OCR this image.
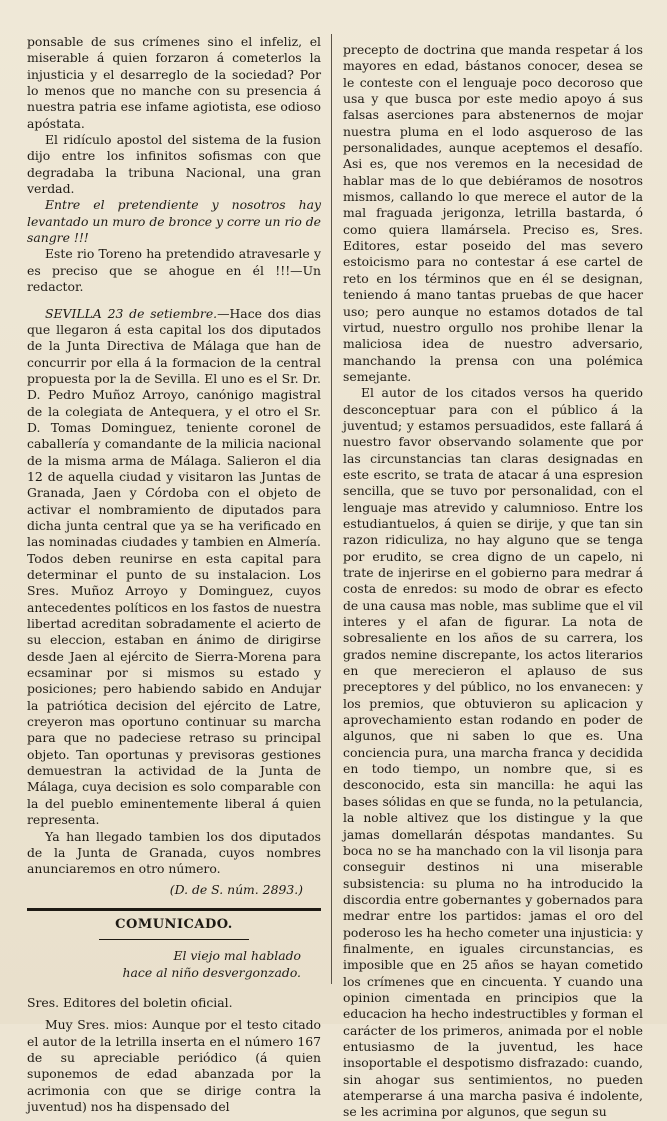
ponsable de sus crímenes sino el infeliz, el miserable á quien forzaron á cometerlos la injusticia y el desarreglo de la sociedad? Por lo menos que no manche con su presencia á nuestra patria ese infame agiotista, ese odioso apóstata.

El ridículo apostol del sistema de la fusion dijo entre los infinitos sofismas con que degradaba la tribuna Nacional, una gran verdad.

Entre el pretendiente y nosotros hay levantado un muro de bronce y corre un rio de sangre !!!

Este rio Toreno ha pretendido atravesarle y es preciso que se ahogue en él !!!—Un redactor.

SEVILLA 23 de setiembre.—Hace dos dias que llegaron á esta capital los dos diputados de la Junta Directiva de Málaga que han de concurrir por ella á la formacion de la central propuesta por la de Sevilla. El uno es el Sr. Dr. D. Pedro Muñoz Arroyo, canónigo magistral de la colegiata de Antequera, y el otro el Sr. D. Tomas Dominguez, teniente coronel de caballería y comandante de la milicia nacional de la misma arma de Málaga. Salieron el dia 12 de aquella ciudad y visitaron las Juntas de Granada, Jaen y Córdoba con el objeto de activar el nombramiento de diputados para dicha junta central que ya se ha verificado en las nominadas ciudades y tambien en Almería. Todos deben reunirse en esta capital para determinar el punto de su instalacion. Los Sres. Muñoz Arroyo y Dominguez, cuyos antecedentes políticos en los fastos de nuestra libertad acreditan sobradamente el acierto de su eleccion, estaban en ánimo de dirigirse desde Jaen al ejército de Sierra-Morena para ecsaminar por si mismos su estado y posiciones; pero habiendo sabido en Andujar la patriótica decision del ejército de Latre, creyeron mas oportuno continuar su marcha para que no padeciese retraso su principal objeto. Tan oportunas y previsoras gestiones demuestran la actividad de la Junta de Málaga, cuya decision es solo comparable con la del pueblo eminentemente liberal á quien representa.

Ya han llegado tambien los dos diputados de la Junta de Granada, cuyos nombres anunciaremos en otro número.

(D. de S. núm. 2893.)

COMUNICADO.

El viejo mal hablado

hace al niño desvergonzado.

Sres. Editores del boletin oficial.

Muy Sres. mios: Aunque por el testo citado el autor de la letrilla inserta en el número 167 de su apreciable periódico (á quien suponemos de edad abanzada por la acrimonia con que se dirige contra la juventud) nos ha dispensado del

precepto de doctrina que manda respetar á los mayores en edad, bástanos conocer, desea se le conteste con el lenguaje poco decoroso que usa y que busca por este medio apoyo á sus falsas aserciones para abstenernos de mojar nuestra pluma en el lodo asqueroso de las personalidades, aunque aceptemos el desafío. Asi es, que nos veremos en la necesidad de hablar mas de lo que debiéramos de nosotros mismos, callando lo que merece el autor de la mal fraguada jerigonza, letrilla bastarda, ó como quiera llamársela. Preciso es, Sres. Editores, estar poseido del mas severo estoicismo para no contestar á ese cartel de reto en los términos que en él se designan, teniendo á mano tantas pruebas de que hacer uso; pero aunque no estamos dotados de tal virtud, nuestro orgullo nos prohibe llenar la maliciosa idea de nuestro adversario, manchando la prensa con una polémica semejante.

El autor de los citados versos ha querido desconceptuar para con el público á la juventud; y estamos persuadidos, este fallará á nuestro favor observando solamente que por las circunstancias tan claras designadas en este escrito, se trata de atacar á una espresion sencilla, que se tuvo por personalidad, con el lenguaje mas atrevido y calumnioso. Entre los estudiantuelos, á quien se dirije, y que tan sin razon ridiculiza, no hay alguno que se tenga por erudito, se crea digno de un capelo, ni trate de injerirse en el gobierno para medrar á costa de enredos: su modo de obrar es efecto de una causa mas noble, mas sublime que el vil interes y el afan de figurar. La nota de sobresaliente en los años de su carrera, los grados nemine discrepante, los actos literarios en que merecieron el aplauso de sus preceptores y del público, no los envanecen: y los premios, que obtuvieron su aplicacion y aprovechamiento estan rodando en poder de algunos, que ni saben lo que es. Una conciencia pura, una marcha franca y decidida en todo tiempo, un nombre que, si es desconocido, esta sin mancilla: he aqui las bases sólidas en que se funda, no la petulancia, la noble altivez que los distingue y la que jamas domellarán déspotas mandantes. Su boca no se ha manchado con la vil lisonja para conseguir destinos ni una miserable subsistencia: su pluma no ha introducido la discordia entre gobernantes y gobernados para medrar entre los partidos: jamas el oro del poderoso les ha hecho cometer una injusticia: y finalmente, en iguales circunstancias, es imposible que en 25 años se hayan cometido los crímenes que en cincuenta. Y cuando una opinion cimentada en principios que la educacion ha hecho indestructibles y forman el carácter de los primeros, animada por el noble entusiasmo de la juventud, les hace insoportable el despotismo disfrazado: cuando, sin ahogar sus sentimientos, no pueden atemperarse á una marcha pasiva é indolente, se les acrimina por algunos, que segun su
